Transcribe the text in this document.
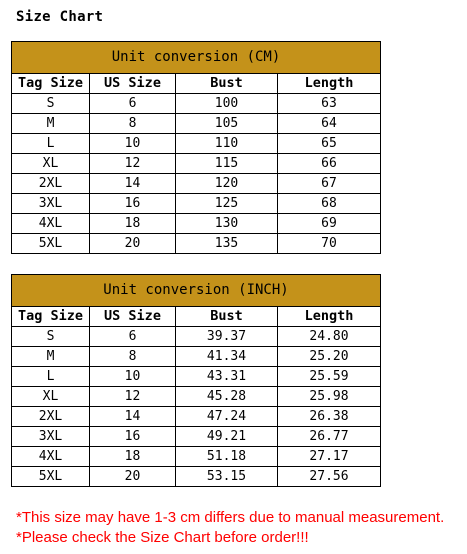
Size Chart
Unit conversion (CM)			
Tag Size	US Size	Bust	Length
S	6	100	63
M	8	105	64
L	10	110	65
XL	12	115	66
2XL	14	120	67
3XL	16	125	68
4XL	18	130	69
5XL	20	135	70
Unit conversion (INCH)			
Tag Size	US Size	Bust	Length
S	6	39.37	24.80
M	8	41.34	25.20
L	10	43.31	25.59
XL	12	45.28	25.98
2XL	14	47.24	26.38
3XL	16	49.21	26.77
4XL	18	51.18	27.17
5XL	20	53.15	27.56
*This size may have 1-3 cm differs due to manual measurement.
*Please check the Size Chart before order!!!
